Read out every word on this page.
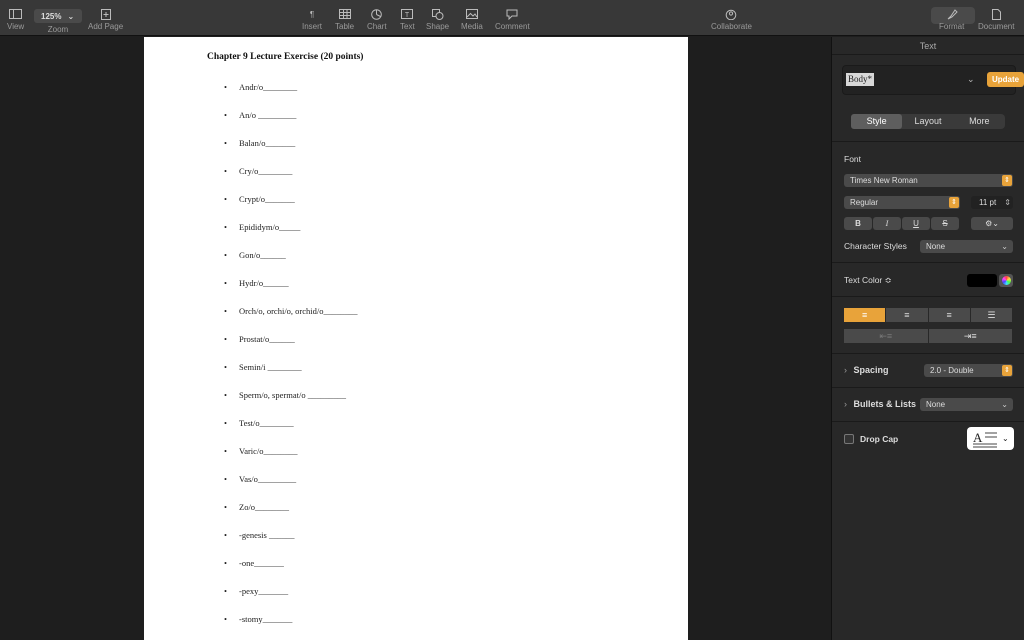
View
125% ⌄
Zoom	Add Page
¶
Insert Table Chart
T
Text Shape Media Comment	Collaborate	Format Document
Chapter 9 Lecture Exercise (20 points)
• Andr/o________
• An/o _________
• Balan/o_______
• Cry/o________
• Crypt/o_______
• Epididym/o_____
• Gon/o______
• Hydr/o______
• Orch/o, orchi/o, orchid/o________
• Prostat/o______
• Semin/i ________
• Sperm/o, spermat/o _________
• Test/o________
• Varic/o________
• Vas/o_________
• Zo/o________
• -genesis ______
• -one_______
• -pexy_______
• -stomy_______
Text
Body*	⌄	Update
Style	Layout	More
Font
Times New Roman	⇕
Regular	⇕	11 pt ⇕
B	I	U	S	⚙⌄
Character Styles	None	⌄
Text Color ≎
≡	≡	≡	☰
⇤≡	⇥≡
› Spacing	2.0 - Double	⇕
› Bullets & Lists	None	⌄
Drop Cap	A ⌄
